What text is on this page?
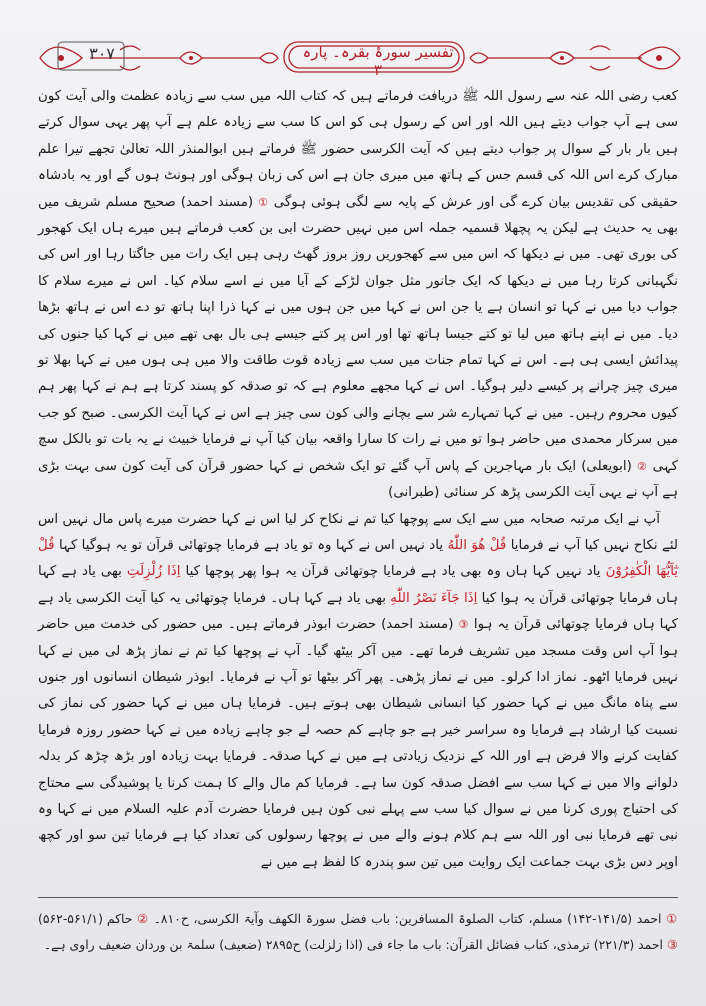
۳۰۷	تفسیر سورۂ بقرہ۔ پارہ ۳

کعب رضی اللہ عنہ سے رسول اللہ ﷺ دریافت فرماتے ہیں کہ کتاب اللہ میں سب سے زیادہ عظمت والی آیت کون سی ہے آپ جواب دیتے ہیں اللہ اور اس کے رسول ہی کو اس کا سب سے زیادہ علم ہے آپ پھر یہی سوال کرتے ہیں بار بار کے سوال پر جواب دیتے ہیں کہ آیت الکرسی حضور ﷺ فرماتے ہیں ابوالمنذر اللہ تعالیٰ تجھے تیرا علم مبارک کرے اس اللہ کی قسم جس کے ہاتھ میں میری جان ہے اس کی زبان ہوگی اور ہونٹ ہوں گے اور یہ بادشاہ حقیقی کی تقدیس بیان کرے گی اور عرش کے پایہ سے لگی ہوئی ہوگی ① (مسند احمد) صحیح مسلم شریف میں بھی یہ حدیث ہے لیکن یہ پچھلا قسمیہ جملہ اس میں نہیں حضرت ابی بن کعب فرماتے ہیں میرے ہاں ایک کھجور کی بوری تھی۔ میں نے دیکھا کہ اس میں سے کھجوریں روز بروز گھٹ رہی ہیں ایک رات میں جاگتا رہا اور اس کی نگہبانی کرتا رہا میں نے دیکھا کہ ایک جانور مثل جوان لڑکے کے آیا میں نے اسے سلام کیا۔ اس نے میرے سلام کا جواب دیا میں نے کہا تو انسان ہے یا جن اس نے کہا میں جن ہوں میں نے کہا ذرا اپنا ہاتھ تو دے اس نے ہاتھ بڑھا دیا۔ میں نے اپنے ہاتھ میں لیا تو کتے جیسا ہاتھ تھا اور اس پر کتے جیسے ہی بال بھی تھے میں نے کہا کیا جنوں کی پیدائش ایسی ہی ہے۔ اس نے کہا تمام جنات میں سب سے زیادہ قوت طاقت والا میں ہی ہوں میں نے کہا بھلا تو میری چیز چرانے پر کیسے دلیر ہوگیا۔ اس نے کہا مجھے معلوم ہے کہ تو صدقہ کو پسند کرتا ہے ہم نے کہا پھر ہم کیوں محروم رہیں۔ میں نے کہا تمہارے شر سے بچانے والی کون سی چیز ہے اس نے کہا آیت الکرسی۔ صبح کو جب میں سرکار محمدی میں حاضر ہوا تو میں نے رات کا سارا واقعہ بیان کیا آپ نے فرمایا خبیث نے یہ بات تو بالکل سچ کہی ② (ابویعلی) ایک بار مہاجرین کے پاس آپ گئے تو ایک شخص نے کہا حضور قرآن کی آیت کون سی بہت بڑی ہے آپ نے یہی آیت الکرسی پڑھ کر سنائی (طبرانی)

آپ نے ایک مرتبہ صحابہ میں سے ایک سے پوچھا کیا تم نے نکاح کر لیا اس نے کہا حضرت میرے پاس مال نہیں اس لئے نکاح نہیں کیا آپ نے فرمایا قُلْ هُوَ اللّٰهُ یاد نہیں اس نے کہا وہ تو یاد ہے فرمایا چوتھائی قرآن تو یہ ہوگیا کہا قُلْ يٰٓاَيُّهَا الْكٰفِرُوْنَ یاد نہیں کہا ہاں وہ بھی یاد ہے فرمایا چوتھائی قرآن یہ ہوا پھر پوچھا کیا اِذَا زُلْزِلَتِ بھی یاد ہے کہا ہاں فرمایا چوتھائی قرآن یہ ہوا کیا اِذَا جَآءَ نَصْرُ اللّٰهِ بھی یاد ہے کہا ہاں۔ فرمایا چوتھائی یہ کیا آیت الکرسی یاد ہے کہا ہاں فرمایا چوتھائی قرآن یہ ہوا ③ (مسند احمد) حضرت ابوذر فرماتے ہیں۔ میں حضور کی خدمت میں حاضر ہوا آپ اس وقت مسجد میں تشریف فرما تھے۔ میں آکر بیٹھ گیا۔ آپ نے پوچھا کیا تم نے نماز پڑھ لی میں نے کہا نہیں فرمایا اٹھو۔ نماز ادا کرلو۔ میں نے نماز پڑھی۔ پھر آکر بیٹھا تو آپ نے فرمایا۔ ابوذر شیطان انسانوں اور جنوں سے پناہ مانگ میں نے کہا حضور کیا انسانی شیطان بھی ہوتے ہیں۔ فرمایا ہاں میں نے کہا حضور کی نماز کی نسبت کیا ارشاد ہے فرمایا وہ سراسر خیر ہے جو چاہے کم حصہ لے جو چاہے زیادہ میں نے کہا حضور روزہ فرمایا کفایت کرنے والا فرض ہے اور اللہ کے نزدیک زیادتی ہے میں نے کہا صدقہ۔ فرمایا بہت زیادہ اور بڑھ چڑھ کر بدلہ دلوانے والا میں نے کہا سب سے افضل صدقہ کون سا ہے۔ فرمایا کم مال والے کا ہمت کرنا یا پوشیدگی سے محتاج کی احتیاج پوری کرنا میں نے سوال کیا سب سے پہلے نبی کون ہیں فرمایا حضرت آدم علیہ السلام میں نے کہا وہ نبی تھے فرمایا نبی اور اللہ سے ہم کلام ہونے والے میں نے پوچھا رسولوں کی تعداد کیا ہے فرمایا تین سو اور کچھ اوپر دس بڑی بہت جماعت ایک روایت میں تین سو پندرہ کا لفظ ہے میں نے

① احمد (۱۴۱/۵-۱۴۲) مسلم، کتاب الصلوۃ المسافرین: باب فضل سورۃ الکھف وآیۃ الکرسی، ح۸۱۰۔ ② حاکم (۵۶۱/۱-۵۶۲) ③ احمد (۲۲۱/۳) ترمذی، کتاب فضائل القرآن: باب ما جاء فی (اذا زلزلت) ح۲۸۹۵ (ضعیف) سلمۃ بن وردان ضعیف راوی ہے۔
